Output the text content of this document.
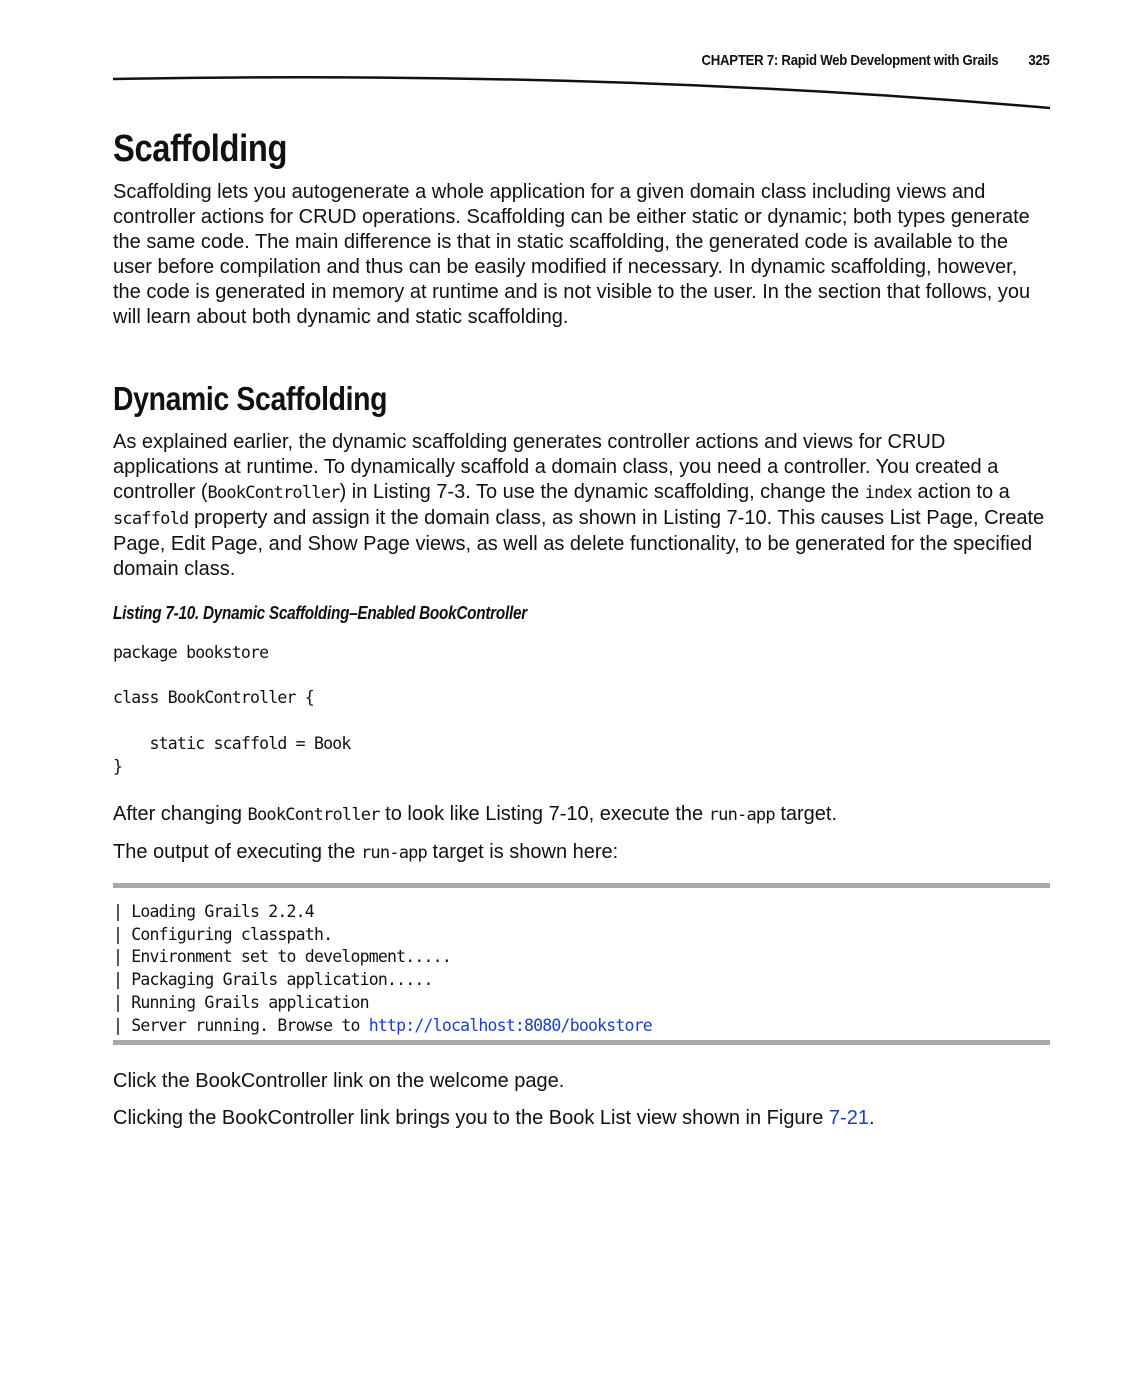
CHAPTER 7: Rapid Web Development with Grails 325
Scaffolding

Scaffolding lets you autogenerate a whole application for a given domain class including views and controller actions for CRUD operations. Scaffolding can be either static or dynamic; both types generate the same code. The main difference is that in static scaffolding, the generated code is available to the user before compilation and thus can be easily modified if necessary. In dynamic scaffolding, however, the code is generated in memory at runtime and is not visible to the user. In the section that follows, you will learn about both dynamic and static scaffolding.

Dynamic Scaffolding

As explained earlier, the dynamic scaffolding generates controller actions and views for CRUD applications at runtime. To dynamically scaffold a domain class, you need a controller. You created a controller (BookController) in Listing 7-3. To use the dynamic scaffolding, change the index action to a scaffold property and assign it the domain class, as shown in Listing 7-10. This causes List Page, Create Page, Edit Page, and Show Page views, as well as delete functionality, to be generated for the specified domain class.

Listing 7-10. Dynamic Scaffolding–Enabled BookController
package bookstore

class BookController {

static scaffold = Book
}

After changing BookController to look like Listing 7-10, execute the run-app target.

The output of executing the run-app target is shown here:

| Loading Grails 2.2.4
| Configuring classpath.
| Environment set to development.....
| Packaging Grails application.....
| Running Grails application
| Server running. Browse to http://localhost:8080/bookstore

Click the BookController link on the welcome page.

Clicking the BookController link brings you to the Book List view shown in Figure 7-21.
